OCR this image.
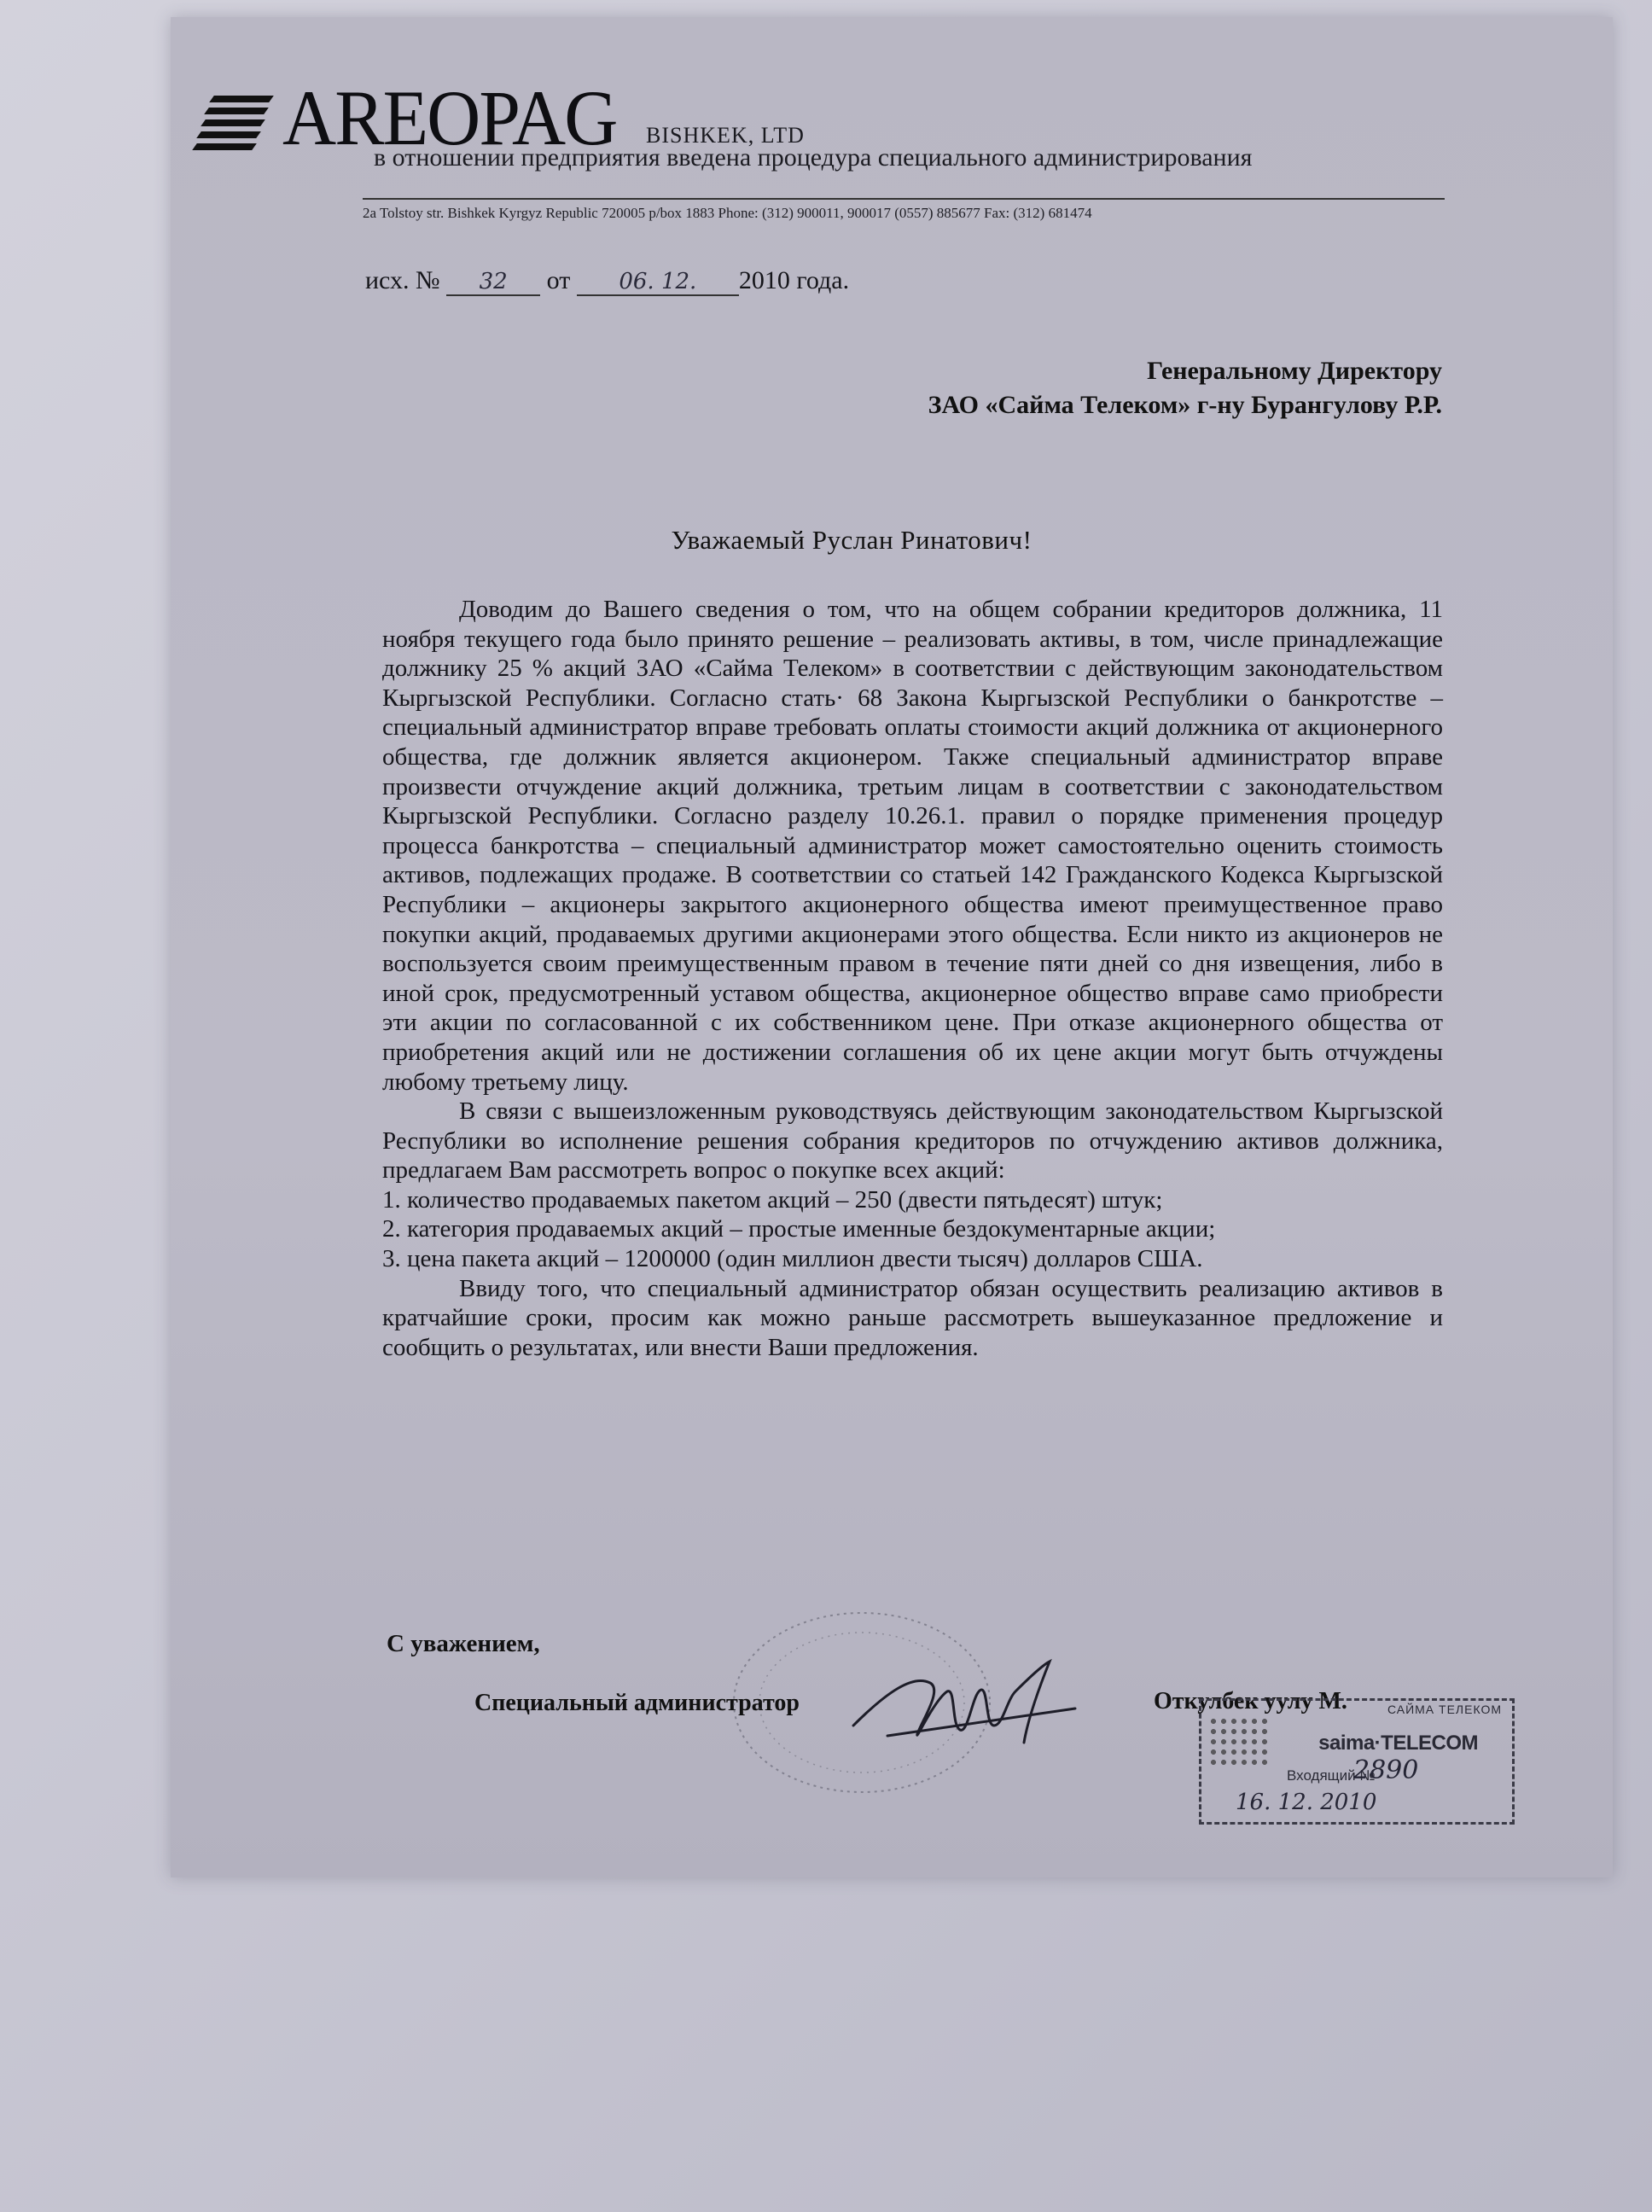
AREOPAG BISHKEK, LTD
в отношении предприятия введена процедура специального администрирования
2a Tolstoy str. Bishkek Kyrgyz Republic 720005 p/box 1883 Phone: (312) 900011, 900017 (0557) 885677 Fax: (312) 681474
исх. № 32 от 06. 12. 2010 года.
Генеральному Директору
ЗАО «Сайма Телеком» г-ну Бурангулову Р.Р.
Уважаемый Руслан Ринатович!

Доводим до Вашего сведения о том, что на общем собрании кредиторов должника, 11 ноября текущего года было принято решение – реализовать активы, в том, числе принадлежащие должнику 25 % акций ЗАО «Сайма Телеком» в соответствии с действующим законодательством Кыргызской Республики. Согласно стать· 68 Закона Кыргызской Республики о банкротстве – специальный администратор вправе требовать оплаты стоимости акций должника от акционерного общества, где должник является акционером. Также специальный администратор вправе произвести отчуждение акций должника, третьим лицам в соответствии с законодательством Кыргызской Республики. Согласно разделу 10.26.1. правил о порядке применения процедур процесса банкротства – специальный администратор может самостоятельно оценить стоимость активов, подлежащих продаже. В соответствии со статьей 142 Гражданского Кодекса Кыргызской Республики – акционеры закрытого акционерного общества имеют преимущественное право покупки акций, продаваемых другими акционерами этого общества. Если никто из акционеров не воспользуется своим преимущественным правом в течение пяти дней со дня извещения, либо в иной срок, предусмотренный уставом общества, акционерное общество вправе само приобрести эти акции по согласованной с их собственником цене. При отказе акционерного общества от приобретения акций или не достижении соглашения об их цене акции могут быть отчуждены любому третьему лицу.

В связи с вышеизложенным руководствуясь действующим законодательством Кыргызской Республики во исполнение решения собрания кредиторов по отчуждению активов должника, предлагаем Вам рассмотреть вопрос о покупке всех акций:

1. количество продаваемых пакетом акций – 250 (двести пятьдесят) штук;

2. категория продаваемых акций – простые именные бездокументарные акции;

3. цена пакета акций – 1200000 (один миллион двести тысяч) долларов США.

Ввиду того, что специальный администратор обязан осуществить реализацию активов в кратчайшие сроки, просим как можно раньше рассмотреть вышеуказанное предложение и сообщить о результатах, или внести Ваши предложения.

С уважением,
Специальный администратор	Откулбек уулу М.	САЙМА ТЕЛЕКОМ
saima·TELECOM
Входящий №
2890
16. 12. 2010
